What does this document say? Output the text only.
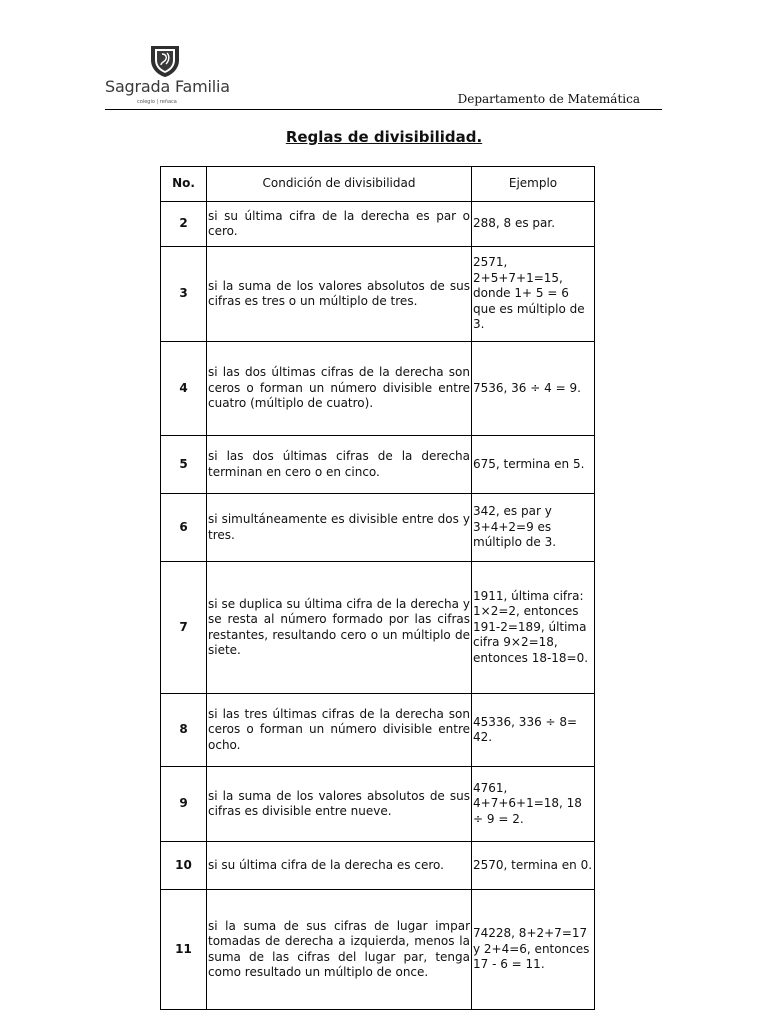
Sagrada Familia
colegio | reñaca	Departamento de Matemática
Reglas de divisibilidad.
No.	Condición de divisibilidad	Ejemplo
2	si su última cifra de la derecha es par o cero.	288, 8 es par.
3	si la suma de los valores absolutos de sus cifras es tres o un múltiplo de tres.	2571, 2+5+7+1=15, donde 1+ 5 = 6 que es múltiplo de 3.
4	si las dos últimas cifras de la derecha son ceros o forman un número divisible entre cuatro (múltiplo de cuatro).	7536, 36 ÷ 4 = 9.
5	si las dos últimas cifras de la derecha terminan en cero o en cinco.	675, termina en 5.
6	si simultáneamente es divisible entre dos y tres.	342, es par y 3+4+2=9 es múltiplo de 3.
7	si se duplica su última cifra de la derecha y se resta al número formado por las cifras restantes, resultando cero o un múltiplo de siete.	1911, última cifra: 1×2=2, entonces 191-2=189, última cifra 9×2=18, entonces 18-18=0.
8	si las tres últimas cifras de la derecha son ceros o forman un número divisible entre ocho.	45336, 336 ÷ 8= 42.
9	si la suma de los valores absolutos de sus cifras es divisible entre nueve.	4761, 4+7+6+1=18, 18 ÷ 9 = 2.
10	si su última cifra de la derecha es cero.	2570, termina en 0.
11	si la suma de sus cifras de lugar impar tomadas de derecha a izquierda, menos la suma de las cifras del lugar par, tenga como resultado un múltiplo de once.	74228, 8+2+7=17 y 2+4=6, entonces 17 - 6 = 11.
